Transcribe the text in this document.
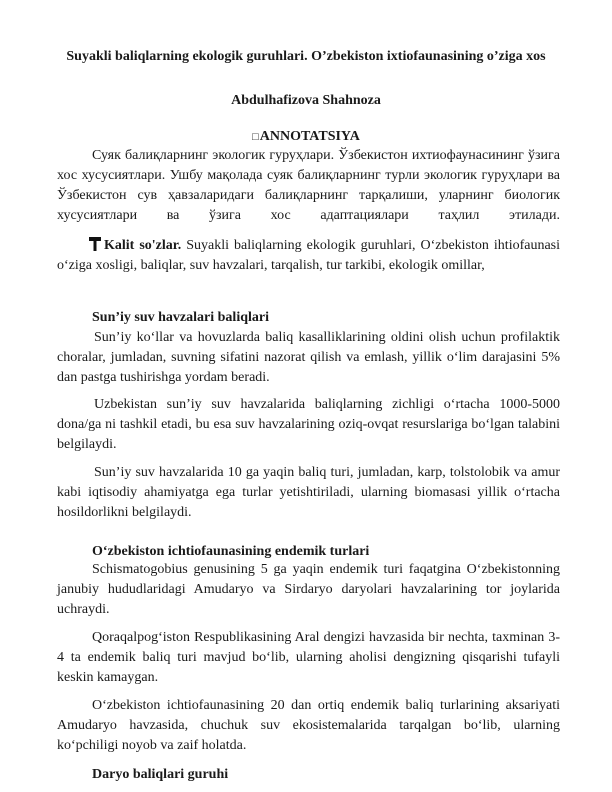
Suyakli baliqlarning ekologik guruhlari. O’zbekiston ixtiofaunasining o’ziga xos
Abdulhafizova Shahnoza
□ANNOTATSIYA
Суяк балиқларнинг экологик гуруҳлари. Ўзбекистон ихтиофаунасининг ўзига хос хусусиятлари. Ушбу мақолада суяк балиқларнинг турли экологик гуруҳлари ва Ўзбекистон сув ҳавзаларидаги балиқларнинг тарқалиши, уларнинг биологик хусусиятлари ва ўзига хос адаптациялари таҳлил этилади.
Kalit so'zlar. Suyakli baliqlarning ekologik guruhlari, O‘zbekiston ihtiofaunasi o‘ziga xosligi, baliqlar, suv havzalari, tarqalish, tur tarkibi, ekologik omillar,
Sun’iy suv havzalari baliqlari
Sun’iy ko‘llar va hovuzlarda baliq kasalliklarining oldini olish uchun profilaktik choralar, jumladan, suvning sifatini nazorat qilish va emlash, yillik o‘lim darajasini 5% dan pastga tushirishga yordam beradi.
Uzbekistan sun’iy suv havzalarida baliqlarning zichligi o‘rtacha 1000-5000 dona/ga ni tashkil etadi, bu esa suv havzalarining oziq-ovqat resurslariga bo‘lgan talabini belgilaydi.
Sun’iy suv havzalarida 10 ga yaqin baliq turi, jumladan, karp, tolstolobik va amur kabi iqtisodiy ahamiyatga ega turlar yetishtiriladi, ularning biomasasi yillik o‘rtacha hosildorlikni belgilaydi.
O‘zbekiston ichtiofaunasining endemik turlari
Schismatogobius genusining 5 ga yaqin endemik turi faqatgina O‘zbekistonning janubiy hududlaridagi Amudaryo va Sirdaryo daryolari havzalarining tor joylarida uchraydi.
Qoraqalpog‘iston Respublikasining Aral dengizi havzasida bir nechta, taxminan 3-4 ta endemik baliq turi mavjud bo‘lib, ularning aholisi dengizning qisqarishi tufayli keskin kamaygan.
O‘zbekiston ichtiofaunasining 20 dan ortiq endemik baliq turlarining aksariyati Amudaryo havzasida, chuchuk suv ekosistemalarida tarqalgan bo‘lib, ularning ko‘pchiligi noyob va zaif holatda.
Daryo baliqlari guruhi
